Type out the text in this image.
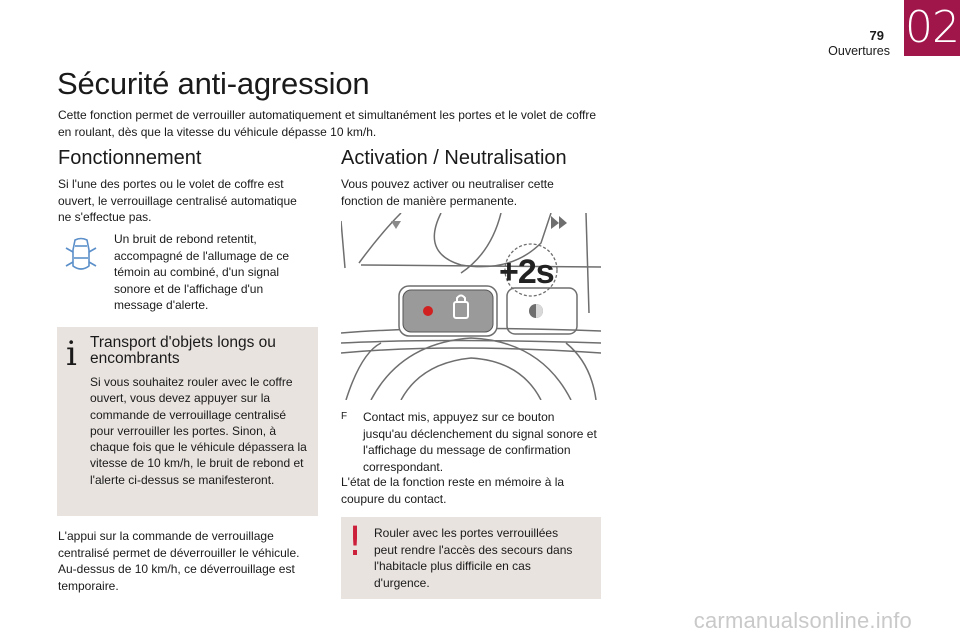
79
Ouvertures 02
Sécurité anti-agression

Cette fonction permet de verrouiller automatiquement et simultanément les portes et le volet de coffre en roulant, dès que la vitesse du véhicule dépasse 10 km/h.

Fonctionnement

Si l'une des portes ou le volet de coffre est ouvert, le verrouillage centralisé automatique ne s'effectue pas.

Un bruit de rebond retentit, accompagné de l'allumage de ce témoin au combiné, d'un signal sonore et de l'affichage d'un message d'alerte.

i Transport d'objets longs ou encombrants

Si vous souhaitez rouler avec le coffre ouvert, vous devez appuyer sur la commande de verrouillage centralisé pour verrouiller les portes. Sinon, à chaque fois que le véhicule dépassera la vitesse de 10 km/h, le bruit de rebond et l'alerte ci-dessus se manifesteront.

L'appui sur la commande de verrouillage centralisé permet de déverrouiller le véhicule. Au-dessus de 10 km/h, ce déverrouillage est temporaire.

Activation / Neutralisation

Vous pouvez activer ou neutraliser cette fonction de manière permanente.

+2s
F Contact mis, appuyez sur ce bouton jusqu'au déclenchement du signal sonore et l'affichage du message de confirmation correspondant.

L'état de la fonction reste en mémoire à la coupure du contact.

! Rouler avec les portes verrouillées peut rendre l'accès des secours dans l'habitacle plus difficile en cas d'urgence.

carmanualsonline.info
